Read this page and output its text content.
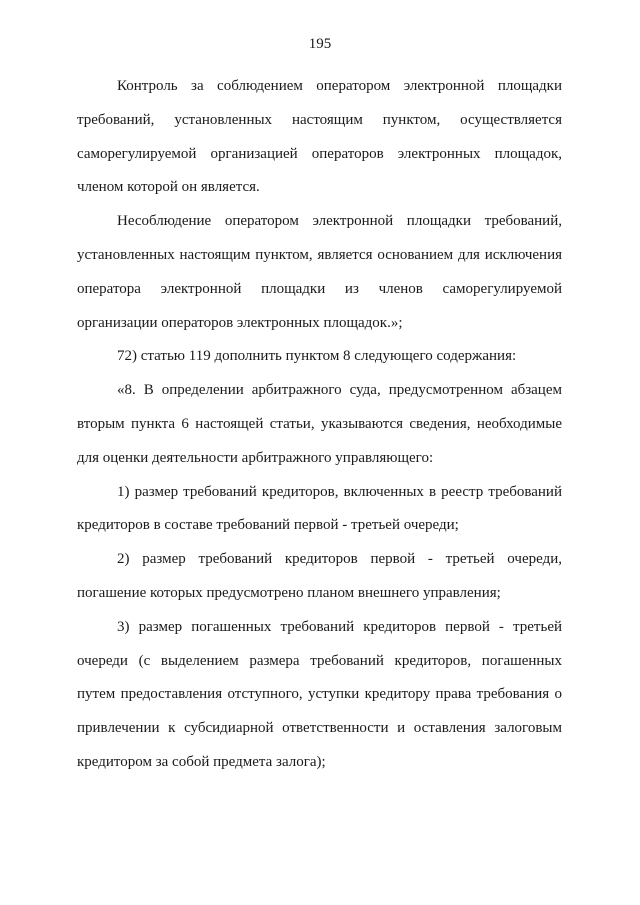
195

Контроль за соблюдением оператором электронной площадки требований, установленных настоящим пунктом, осуществляется саморегулируемой организацией операторов электронных площадок, членом которой он является.

Несоблюдение оператором электронной площадки требований, установленных настоящим пунктом, является основанием для исключения оператора электронной площадки из членов саморегулируемой организации операторов электронных площадок.»;

72) статью 119 дополнить пунктом 8 следующего содержания:

«8. В определении арбитражного суда, предусмотренном абзацем вторым пункта 6 настоящей статьи, указываются сведения, необходимые для оценки деятельности арбитражного управляющего:

1) размер требований кредиторов, включенных в реестр требований кредиторов в составе требований первой - третьей очереди;

2) размер требований кредиторов первой - третьей очереди, погашение которых предусмотрено планом внешнего управления;

3) размер погашенных требований кредиторов первой - третьей очереди (с выделением размера требований кредиторов, погашенных путем предоставления отступного, уступки кредитору права требования о привлечении к субсидиарной ответственности и оставления залоговым кредитором за собой предмета залога);
